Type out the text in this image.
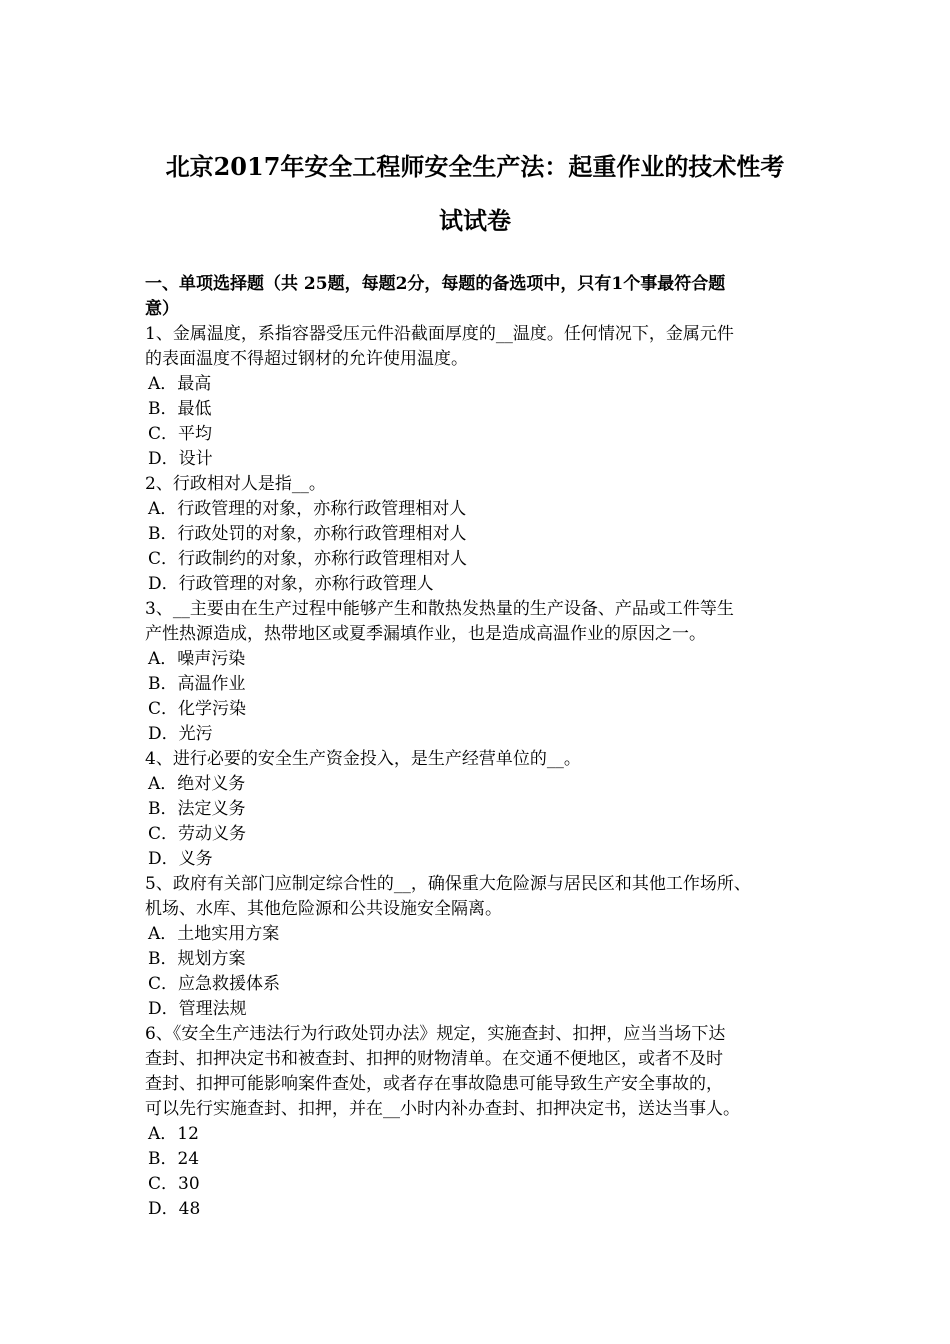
北京2017年安全工程师安全生产法：起重作业的技术性考
试试卷
一、单项选择题（共 25题，每题2分，每题的备选项中，只有1个事最符合题
意）
1、金属温度，系指容器受压元件沿截面厚度的__温度。任何情况下，金属元件
的表面温度不得超过钢材的允许使用温度。
A．最高
B．最低
C．平均
D．设计
2、行政相对人是指__。
A．行政管理的对象，亦称行政管理相对人
B．行政处罚的对象，亦称行政管理相对人
C．行政制约的对象，亦称行政管理相对人
D．行政管理的对象，亦称行政管理人
3、__主要由在生产过程中能够产生和散热发热量的生产设备、产品或工件等生
产性热源造成，热带地区或夏季漏填作业，也是造成高温作业的原因之一。
A．噪声污染
B．高温作业
C．化学污染
D．光污
4、进行必要的安全生产资金投入，是生产经营单位的__。
A．绝对义务
B．法定义务
C．劳动义务
D．义务
5、政府有关部门应制定综合性的__，确保重大危险源与居民区和其他工作场所、
机场、水库、其他危险源和公共设施安全隔离。
A．土地实用方案
B．规划方案
C．应急救援体系
D．管理法规
6、《安全生产违法行为行政处罚办法》规定，实施查封、扣押，应当当场下达
查封、扣押决定书和被查封、扣押的财物清单。在交通不便地区，或者不及时
查封、扣押可能影响案件查处，或者存在事故隐患可能导致生产安全事故的，
可以先行实施查封、扣押，并在__小时内补办查封、扣押决定书，送达当事人。
A．12
B．24
C．30
D．48
